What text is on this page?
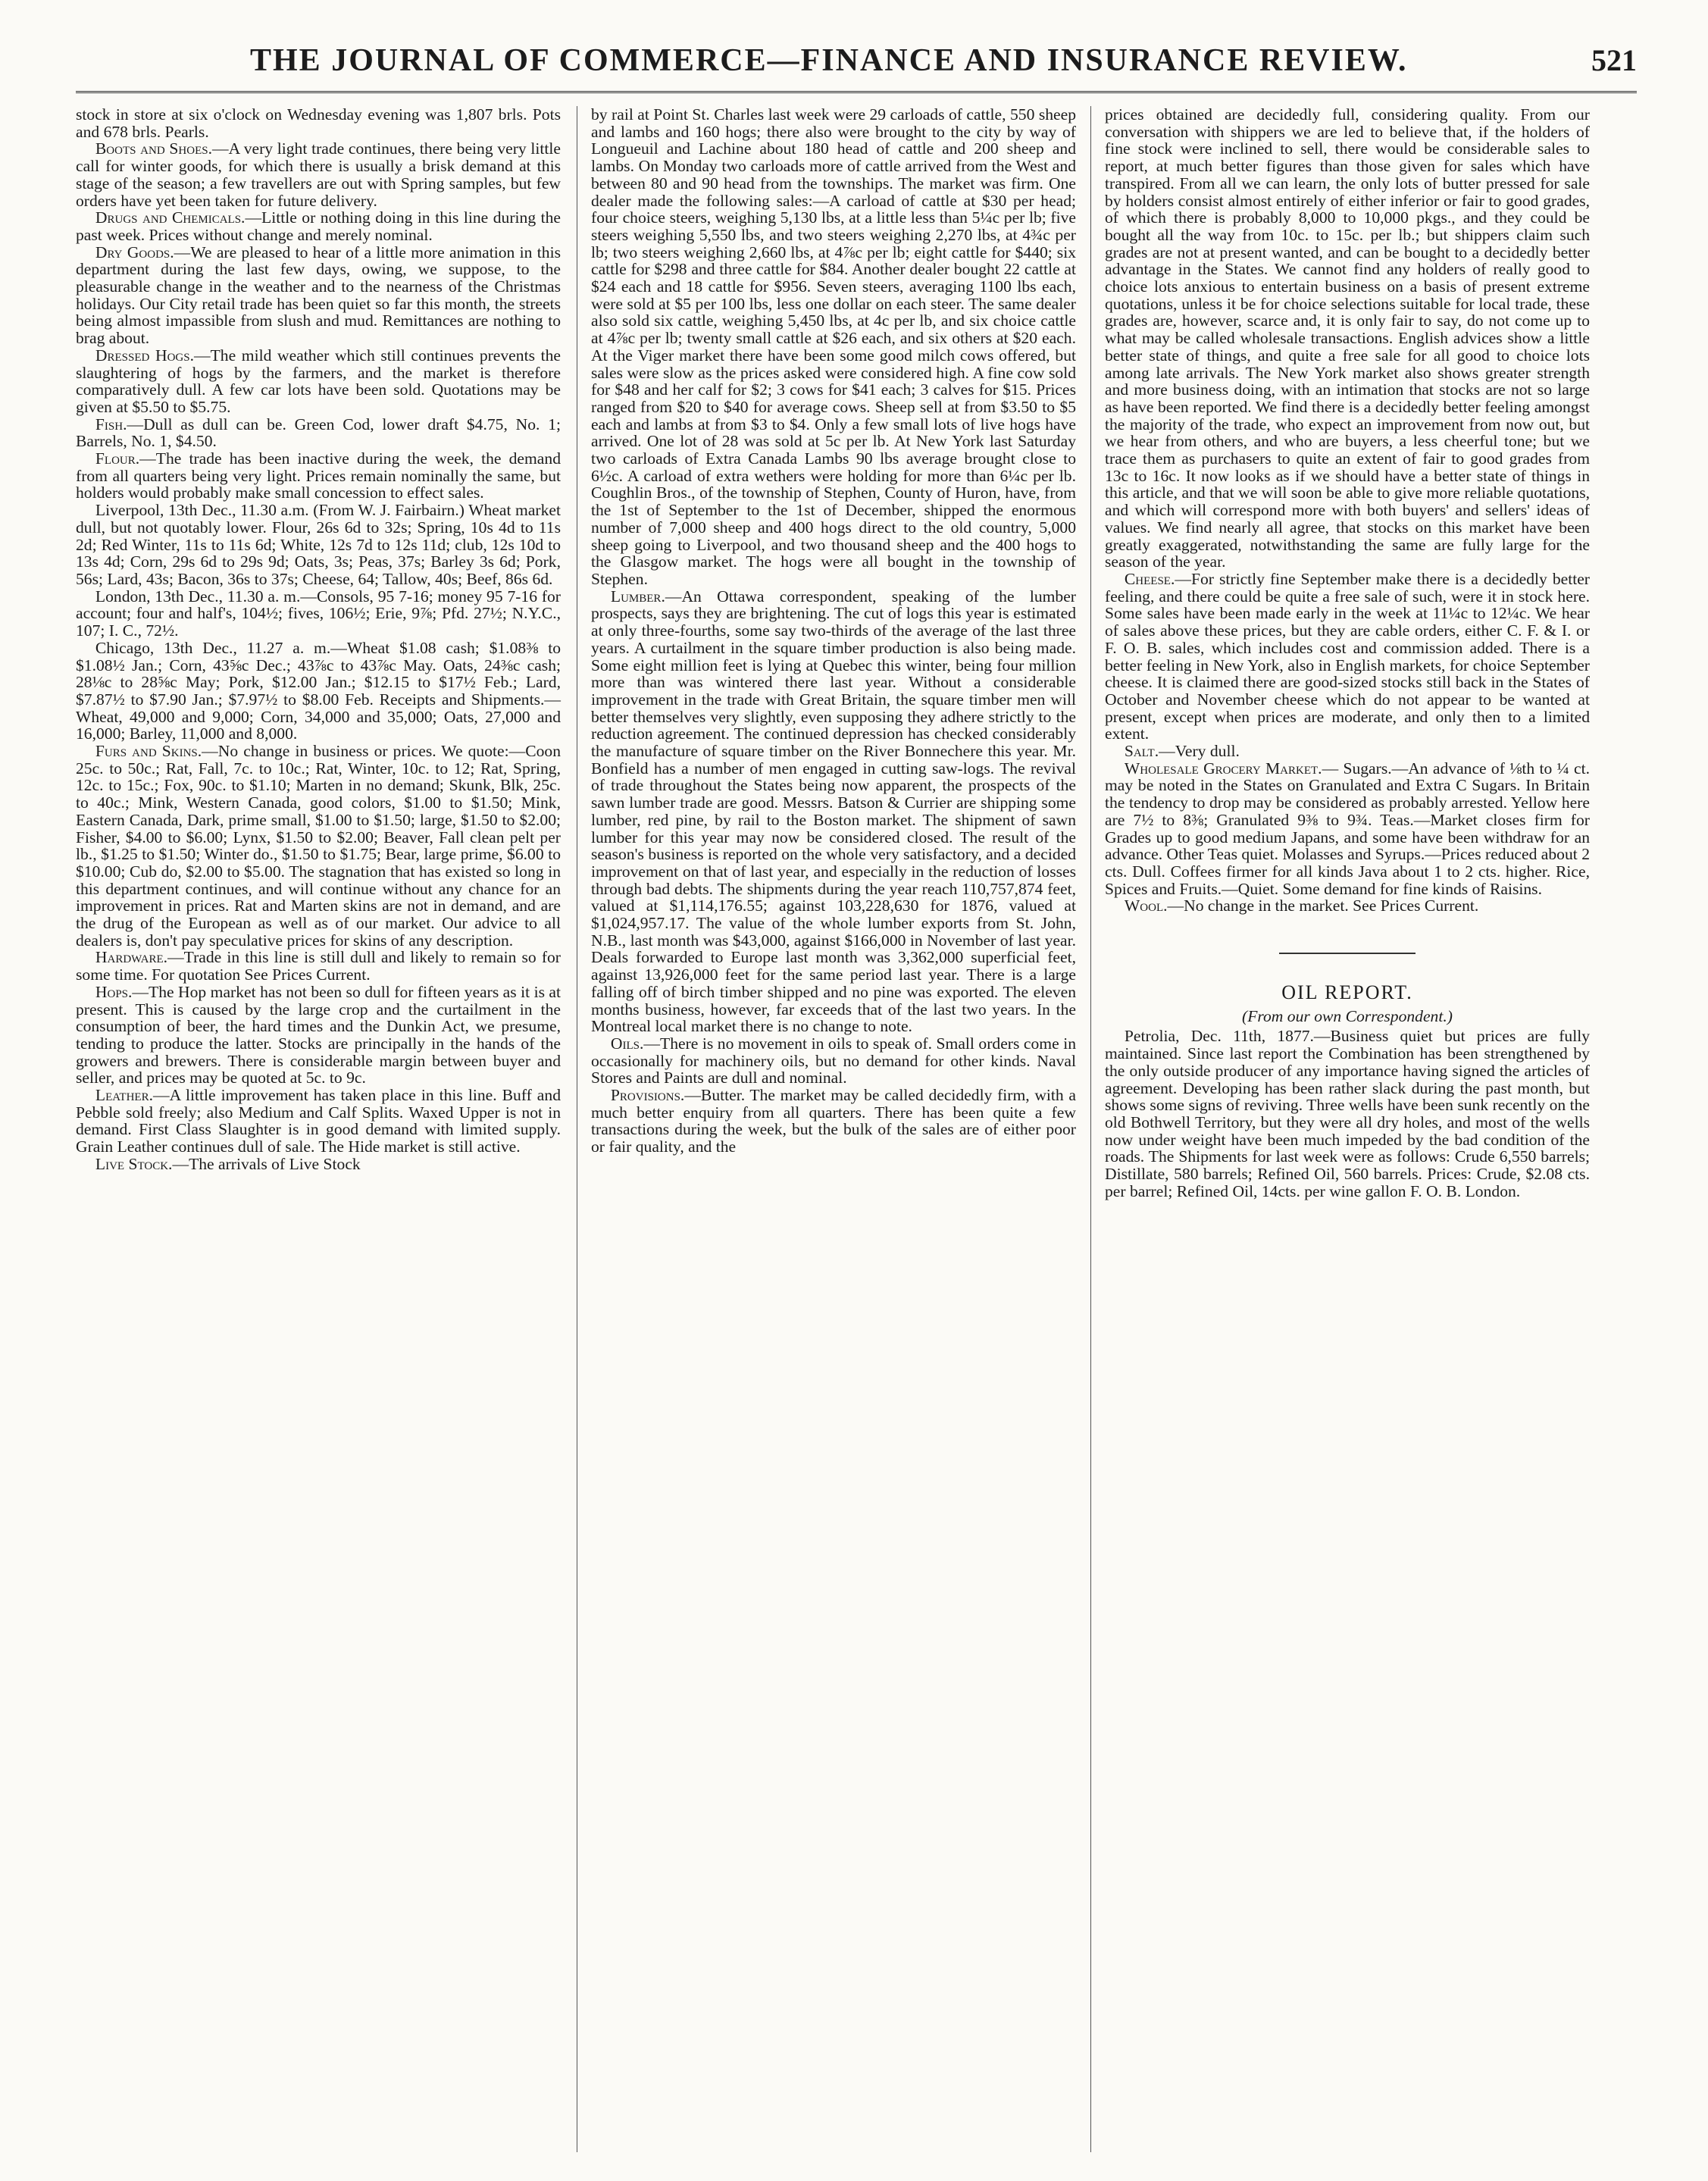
THE JOURNAL OF COMMERCE—FINANCE AND INSURANCE REVIEW.	521

stock in store at six o'clock on Wednesday evening was 1,807 brls. Pots and 678 brls. Pearls.

Boots and Shoes.—A very light trade continues, there being very little call for winter goods, for which there is usually a brisk demand at this stage of the season; a few travellers are out with Spring samples, but few orders have yet been taken for future delivery.

Drugs and Chemicals.—Little or nothing doing in this line during the past week. Prices without change and merely nominal.

Dry Goods.—We are pleased to hear of a little more animation in this department during the last few days, owing, we suppose, to the pleasurable change in the weather and to the nearness of the Christmas holidays. Our City retail trade has been quiet so far this month, the streets being almost impassible from slush and mud. Remittances are nothing to brag about.

Dressed Hogs.—The mild weather which still continues prevents the slaughtering of hogs by the farmers, and the market is therefore comparatively dull. A few car lots have been sold. Quotations may be given at $5.50 to $5.75.

Fish.—Dull as dull can be. Green Cod, lower draft $4.75, No. 1; Barrels, No. 1, $4.50.

Flour.—The trade has been inactive during the week, the demand from all quarters being very light. Prices remain nominally the same, but holders would probably make small concession to effect sales.

Liverpool, 13th Dec., 11.30 a.m. (From W. J. Fairbairn.) Wheat market dull, but not quotably lower. Flour, 26s 6d to 32s; Spring, 10s 4d to 11s 2d; Red Winter, 11s to 11s 6d; White, 12s 7d to 12s 11d; club, 12s 10d to 13s 4d; Corn, 29s 6d to 29s 9d; Oats, 3s; Peas, 37s; Barley 3s 6d; Pork, 56s; Lard, 43s; Bacon, 36s to 37s; Cheese, 64; Tallow, 40s; Beef, 86s 6d.

London, 13th Dec., 11.30 a. m.—Consols, 95 7-16; money 95 7-16 for account; four and half's, 104½; fives, 106½; Erie, 9⅞; Pfd. 27½; N.Y.C., 107; I. C., 72½.

Chicago, 13th Dec., 11.27 a. m.—Wheat $1.08 cash; $1.08⅜ to $1.08½ Jan.; Corn, 43⅝c Dec.; 43⅞c to 43⅞c May. Oats, 24⅜c cash; 28⅛c to 28⅝c May; Pork, $12.00 Jan.; $12.15 to $17½ Feb.; Lard, $7.87½ to $7.90 Jan.; $7.97½ to $8.00 Feb. Receipts and Shipments.—Wheat, 49,000 and 9,000; Corn, 34,000 and 35,000; Oats, 27,000 and 16,000; Barley, 11,000 and 8,000.

Furs and Skins.—No change in business or prices. We quote:—Coon 25c. to 50c.; Rat, Fall, 7c. to 10c.; Rat, Winter, 10c. to 12; Rat, Spring, 12c. to 15c.; Fox, 90c. to $1.10; Marten in no demand; Skunk, Blk, 25c. to 40c.; Mink, Western Canada, good colors, $1.00 to $1.50; Mink, Eastern Canada, Dark, prime small, $1.00 to $1.50; large, $1.50 to $2.00; Fisher, $4.00 to $6.00; Lynx, $1.50 to $2.00; Beaver, Fall clean pelt per lb., $1.25 to $1.50; Winter do., $1.50 to $1.75; Bear, large prime, $6.00 to $10.00; Cub do, $2.00 to $5.00. The stagnation that has existed so long in this department continues, and will continue without any chance for an improvement in prices. Rat and Marten skins are not in demand, and are the drug of the European as well as of our market. Our advice to all dealers is, don't pay speculative prices for skins of any description.

Hardware.—Trade in this line is still dull and likely to remain so for some time. For quotation See Prices Current.

Hops.—The Hop market has not been so dull for fifteen years as it is at present. This is caused by the large crop and the curtailment in the consumption of beer, the hard times and the Dunkin Act, we presume, tending to produce the latter. Stocks are principally in the hands of the growers and brewers. There is considerable margin between buyer and seller, and prices may be quoted at 5c. to 9c.

Leather.—A little improvement has taken place in this line. Buff and Pebble sold freely; also Medium and Calf Splits. Waxed Upper is not in demand. First Class Slaughter is in good demand with limited supply. Grain Leather continues dull of sale. The Hide market is still active.

Live Stock.—The arrivals of Live Stock

by rail at Point St. Charles last week were 29 carloads of cattle, 550 sheep and lambs and 160 hogs; there also were brought to the city by way of Longueuil and Lachine about 180 head of cattle and 200 sheep and lambs. On Monday two carloads more of cattle arrived from the West and between 80 and 90 head from the townships. The market was firm. One dealer made the following sales:—A carload of cattle at $30 per head; four choice steers, weighing 5,130 lbs, at a little less than 5¼c per lb; five steers weighing 5,550 lbs, and two steers weighing 2,270 lbs, at 4¾c per lb; two steers weighing 2,660 lbs, at 4⅞c per lb; eight cattle for $440; six cattle for $298 and three cattle for $84. Another dealer bought 22 cattle at $24 each and 18 cattle for $956. Seven steers, averaging 1100 lbs each, were sold at $5 per 100 lbs, less one dollar on each steer. The same dealer also sold six cattle, weighing 5,450 lbs, at 4c per lb, and six choice cattle at 4⅞c per lb; twenty small cattle at $26 each, and six others at $20 each. At the Viger market there have been some good milch cows offered, but sales were slow as the prices asked were considered high. A fine cow sold for $48 and her calf for $2; 3 cows for $41 each; 3 calves for $15. Prices ranged from $20 to $40 for average cows. Sheep sell at from $3.50 to $5 each and lambs at from $3 to $4. Only a few small lots of live hogs have arrived. One lot of 28 was sold at 5c per lb. At New York last Saturday two carloads of Extra Canada Lambs 90 lbs average brought close to 6½c. A carload of extra wethers were holding for more than 6¼c per lb. Coughlin Bros., of the township of Stephen, County of Huron, have, from the 1st of September to the 1st of December, shipped the enormous number of 7,000 sheep and 400 hogs direct to the old country, 5,000 sheep going to Liverpool, and two thousand sheep and the 400 hogs to the Glasgow market. The hogs were all bought in the township of Stephen.

Lumber.—An Ottawa correspondent, speaking of the lumber prospects, says they are brightening. The cut of logs this year is estimated at only three-fourths, some say two-thirds of the average of the last three years. A curtailment in the square timber production is also being made. Some eight million feet is lying at Quebec this winter, being four million more than was wintered there last year. Without a considerable improvement in the trade with Great Britain, the square timber men will better themselves very slightly, even supposing they adhere strictly to the reduction agreement. The continued depression has checked considerably the manufacture of square timber on the River Bonnechere this year. Mr. Bonfield has a number of men engaged in cutting saw-logs. The revival of trade throughout the States being now apparent, the prospects of the sawn lumber trade are good. Messrs. Batson & Currier are shipping some lumber, red pine, by rail to the Boston market. The shipment of sawn lumber for this year may now be considered closed. The result of the season's business is reported on the whole very satisfactory, and a decided improvement on that of last year, and especially in the reduction of losses through bad debts. The shipments during the year reach 110,757,874 feet, valued at $1,114,176.55; against 103,228,630 for 1876, valued at $1,024,957.17. The value of the whole lumber exports from St. John, N.B., last month was $43,000, against $166,000 in November of last year. Deals forwarded to Europe last month was 3,362,000 superficial feet, against 13,926,000 feet for the same period last year. There is a large falling off of birch timber shipped and no pine was exported. The eleven months business, however, far exceeds that of the last two years. In the Montreal local market there is no change to note.

Oils.—There is no movement in oils to speak of. Small orders come in occasionally for machinery oils, but no demand for other kinds. Naval Stores and Paints are dull and nominal.

Provisions.—Butter. The market may be called decidedly firm, with a much better enquiry from all quarters. There has been quite a few transactions during the week, but the bulk of the sales are of either poor or fair quality, and the

prices obtained are decidedly full, considering quality. From our conversation with shippers we are led to believe that, if the holders of fine stock were inclined to sell, there would be considerable sales to report, at much better figures than those given for sales which have transpired. From all we can learn, the only lots of butter pressed for sale by holders consist almost entirely of either inferior or fair to good grades, of which there is probably 8,000 to 10,000 pkgs., and they could be bought all the way from 10c. to 15c. per lb.; but shippers claim such grades are not at present wanted, and can be bought to a decidedly better advantage in the States. We cannot find any holders of really good to choice lots anxious to entertain business on a basis of present extreme quotations, unless it be for choice selections suitable for local trade, these grades are, however, scarce and, it is only fair to say, do not come up to what may be called wholesale transactions. English advices show a little better state of things, and quite a free sale for all good to choice lots among late arrivals. The New York market also shows greater strength and more business doing, with an intimation that stocks are not so large as have been reported. We find there is a decidedly better feeling amongst the majority of the trade, who expect an improvement from now out, but we hear from others, and who are buyers, a less cheerful tone; but we trace them as purchasers to quite an extent of fair to good grades from 13c to 16c. It now looks as if we should have a better state of things in this article, and that we will soon be able to give more reliable quotations, and which will correspond more with both buyers' and sellers' ideas of values. We find nearly all agree, that stocks on this market have been greatly exaggerated, notwithstanding the same are fully large for the season of the year.

Cheese.—For strictly fine September make there is a decidedly better feeling, and there could be quite a free sale of such, were it in stock here. Some sales have been made early in the week at 11¼c to 12¼c. We hear of sales above these prices, but they are cable orders, either C. F. & I. or F. O. B. sales, which includes cost and commission added. There is a better feeling in New York, also in English markets, for choice September cheese. It is claimed there are good-sized stocks still back in the States of October and November cheese which do not appear to be wanted at present, except when prices are moderate, and only then to a limited extent.

Salt.—Very dull.

Wholesale Grocery Market.— Sugars.—An advance of ⅛th to ¼ ct. may be noted in the States on Granulated and Extra C Sugars. In Britain the tendency to drop may be considered as probably arrested. Yellow here are 7½ to 8⅜; Granulated 9⅜ to 9¾. Teas.—Market closes firm for Grades up to good medium Japans, and some have been withdraw for an advance. Other Teas quiet. Molasses and Syrups.—Prices reduced about 2 cts. Dull. Coffees firmer for all kinds Java about 1 to 2 cts. higher. Rice, Spices and Fruits.—Quiet. Some demand for fine kinds of Raisins.

Wool.—No change in the market. See Prices Current.

OIL REPORT.

(From our own Correspondent.)

Petrolia, Dec. 11th, 1877.—Business quiet but prices are fully maintained. Since last report the Combination has been strengthened by the only outside producer of any importance having signed the articles of agreement. Developing has been rather slack during the past month, but shows some signs of reviving. Three wells have been sunk recently on the old Bothwell Territory, but they were all dry holes, and most of the wells now under weight have been much impeded by the bad condition of the roads. The Shipments for last week were as follows: Crude 6,550 barrels; Distillate, 580 barrels; Refined Oil, 560 barrels. Prices: Crude, $2.08 cts. per barrel; Refined Oil, 14cts. per wine gallon F. O. B. London.
